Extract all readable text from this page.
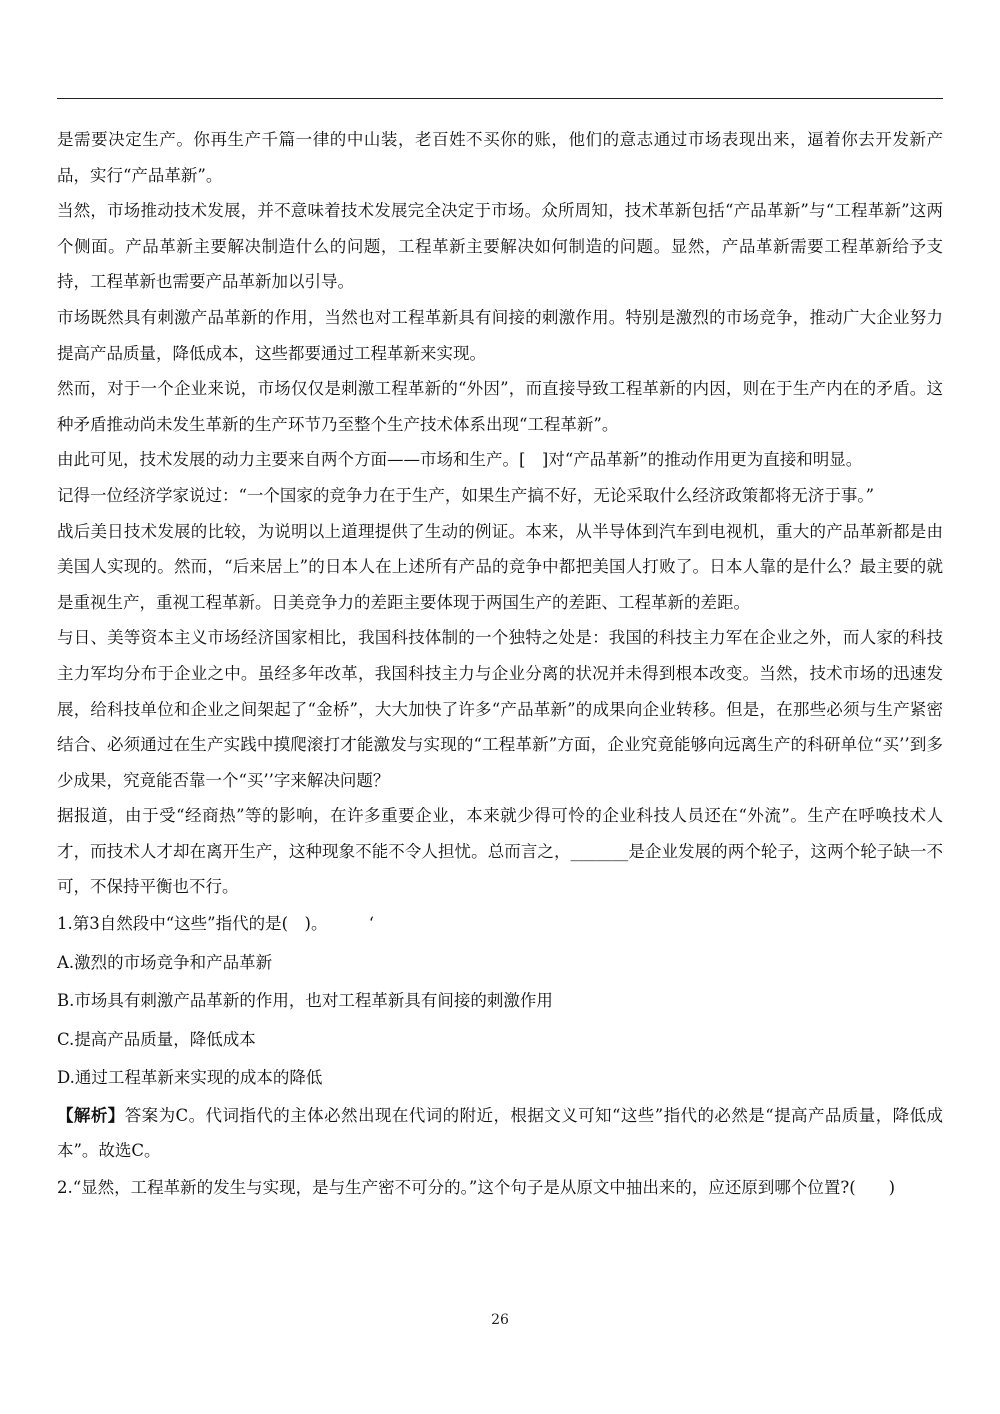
是需要决定生产。你再生产千篇一律的中山装，老百姓不买你的账，他们的意志通过市场表现出来，逼着你去开发新产品，实行“产品革新”。

当然，市场推动技术发展，并不意味着技术发展完全决定于市场。众所周知，技术革新包括“产品革新”与“工程革新”这两个侧面。产品革新主要解决制造什么的问题，工程革新主要解决如何制造的问题。显然，产品革新需要工程革新给予支持，工程革新也需要产品革新加以引导。

市场既然具有刺激产品革新的作用，当然也对工程革新具有间接的刺激作用。特别是激烈的市场竞争，推动广大企业努力提高产品质量，降低成本，这些都要通过工程革新来实现。

然而，对于一个企业来说，市场仅仅是刺激工程革新的“外因”，而直接导致工程革新的内因，则在于生产内在的矛盾。这种矛盾推动尚未发生革新的生产环节乃至整个生产技术体系出现“工程革新”。

由此可见，技术发展的动力主要来自两个方面——市场和生产。[　]对“产品革新”的推动作用更为直接和明显。

记得一位经济学家说过：“一个国家的竞争力在于生产，如果生产搞不好，无论采取什么经济政策都将无济于事。”

战后美日技术发展的比较，为说明以上道理提供了生动的例证。本来，从半导体到汽车到电视机，重大的产品革新都是由美国人实现的。然而，“后来居上”的日本人在上述所有产品的竞争中都把美国人打败了。日本人靠的是什么？最主要的就是重视生产，重视工程革新。日美竞争力的差距主要体现于两国生产的差距、工程革新的差距。

与日、美等资本主义市场经济国家相比，我国科技体制的一个独特之处是：我国的科技主力军在企业之外，而人家的科技主力军均分布于企业之中。虽经多年改革，我国科技主力与企业分离的状况并未得到根本改变。当然，技术市场的迅速发展，给科技单位和企业之间架起了“金桥”，大大加快了许多“产品革新”的成果向企业转移。但是，在那些必须与生产紧密结合、必须通过在生产实践中摸爬滚打才能激发与实现的“工程革新”方面，企业究竟能够向远离生产的科研单位“买’’到多少成果，究竟能否靠一个“买’’字来解决问题？

据报道，由于受“经商热”等的影响，在许多重要企业，本来就少得可怜的企业科技人员还在“外流”。生产在呼唤技术人才，而技术人才却在离开生产，这种现象不能不令人担忧。总而言之，_______是企业发展的两个轮子，这两个轮子缺一不可，不保持平衡也不行。

1.第3自然段中“这些”指代的是(　)。　　　‘

A.激烈的市场竞争和产品革新

B.市场具有刺激产品革新的作用，也对工程革新具有间接的刺激作用

C.提高产品质量，降低成本

D.通过工程革新来实现的成本的降低

【解析】答案为C。代词指代的主体必然出现在代词的附近，根据文义可知“这些”指代的必然是“提高产品质量，降低成本”。故选C。

2.“显然，工程革新的发生与实现，是与生产密不可分的。”这个句子是从原文中抽出来的，应还原到哪个位置?(　　)

26
